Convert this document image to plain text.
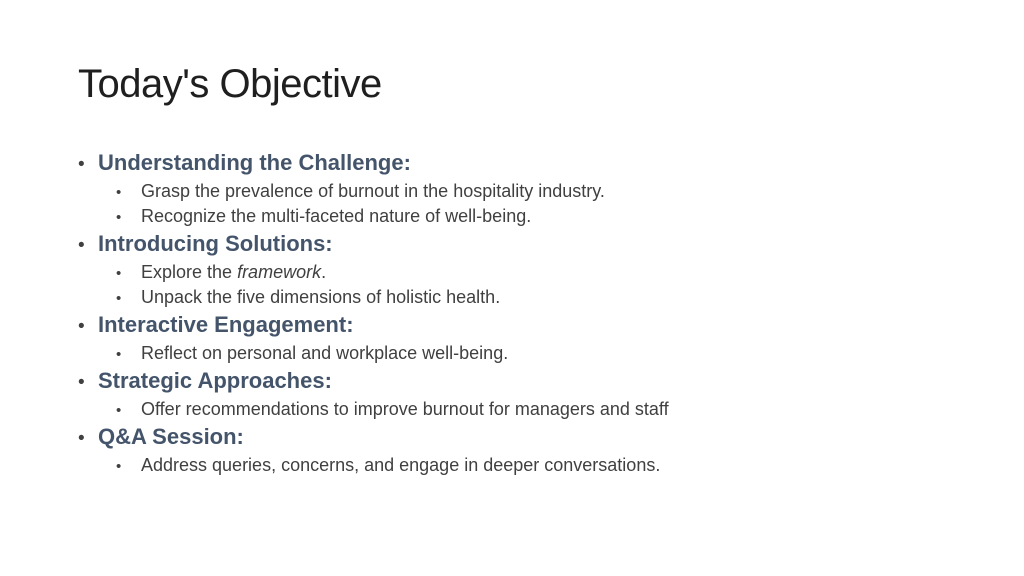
Today's Objective
• Understanding the Challenge:
•	Grasp the prevalence of burnout in the hospitality industry.
•	Recognize the multi-faceted nature of well-being.
• Introducing Solutions:
•	Explore the framework.
•	Unpack the five dimensions of holistic health.
• Interactive Engagement:
•	Reflect on personal and workplace well-being.
• Strategic Approaches:
•	Offer recommendations to improve burnout for managers and staff
• Q&A Session:
•	Address queries, concerns, and engage in deeper conversations.
